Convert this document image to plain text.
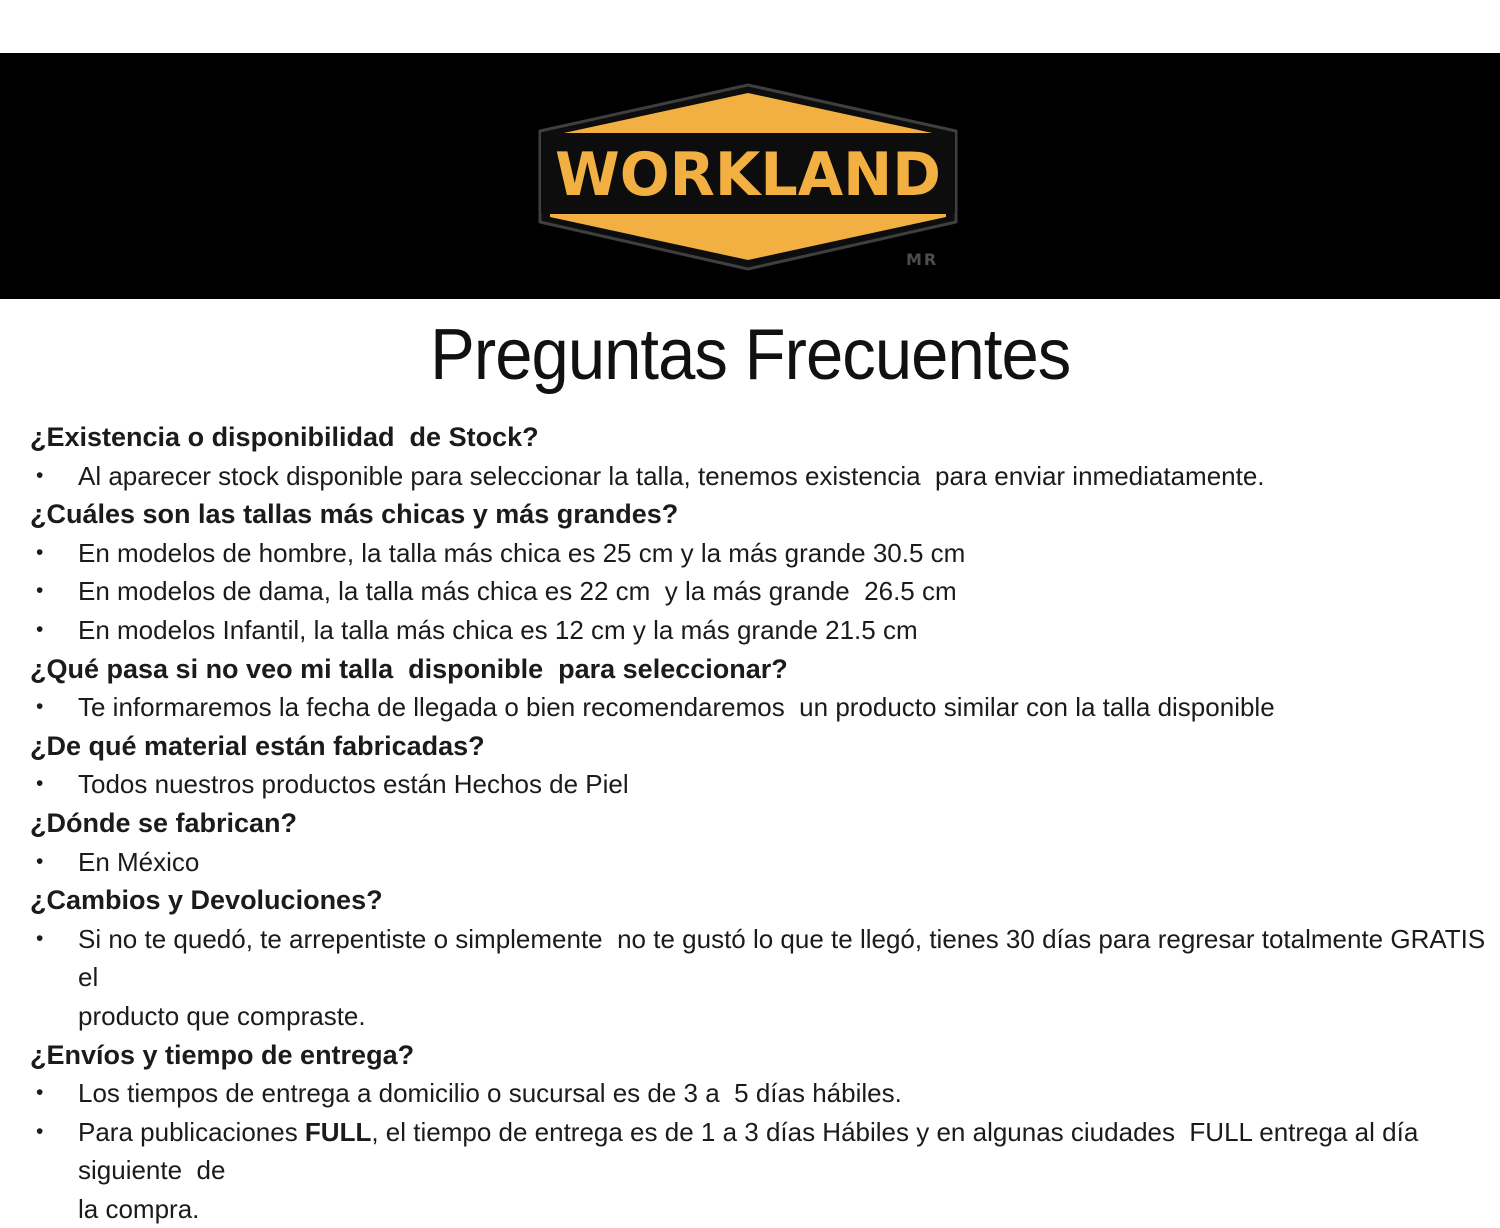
WORKLAND
MR
Preguntas Frecuentes
¿Existencia o disponibilidad  de Stock?
•	Al aparecer stock disponible para seleccionar la talla, tenemos existencia  para enviar inmediatamente.
¿Cuáles son las tallas más chicas y más grandes?
•	En modelos de hombre, la talla más chica es 25 cm y la más grande 30.5 cm
•	En modelos de dama, la talla más chica es 22 cm  y la más grande  26.5 cm
•	En modelos Infantil, la talla más chica es 12 cm y la más grande 21.5 cm
¿Qué pasa si no veo mi talla  disponible  para seleccionar?
•	Te informaremos la fecha de llegada o bien recomendaremos  un producto similar con la talla disponible
¿De qué material están fabricadas?
•	Todos nuestros productos están Hechos de Piel
¿Dónde se fabrican?
•	En México
¿Cambios y Devoluciones?
•	Si no te quedó, te arrepentiste o simplemente  no te gustó lo que te llegó, tienes 30 días para regresar totalmente GRATIS el
producto que compraste.
¿Envíos y tiempo de entrega?
•	Los tiempos de entrega a domicilio o sucursal es de 3 a  5 días hábiles.
•	Para publicaciones FULL, el tiempo de entrega es de 1 a 3 días Hábiles y en algunas ciudades  FULL entrega al día siguiente  de
la compra.
